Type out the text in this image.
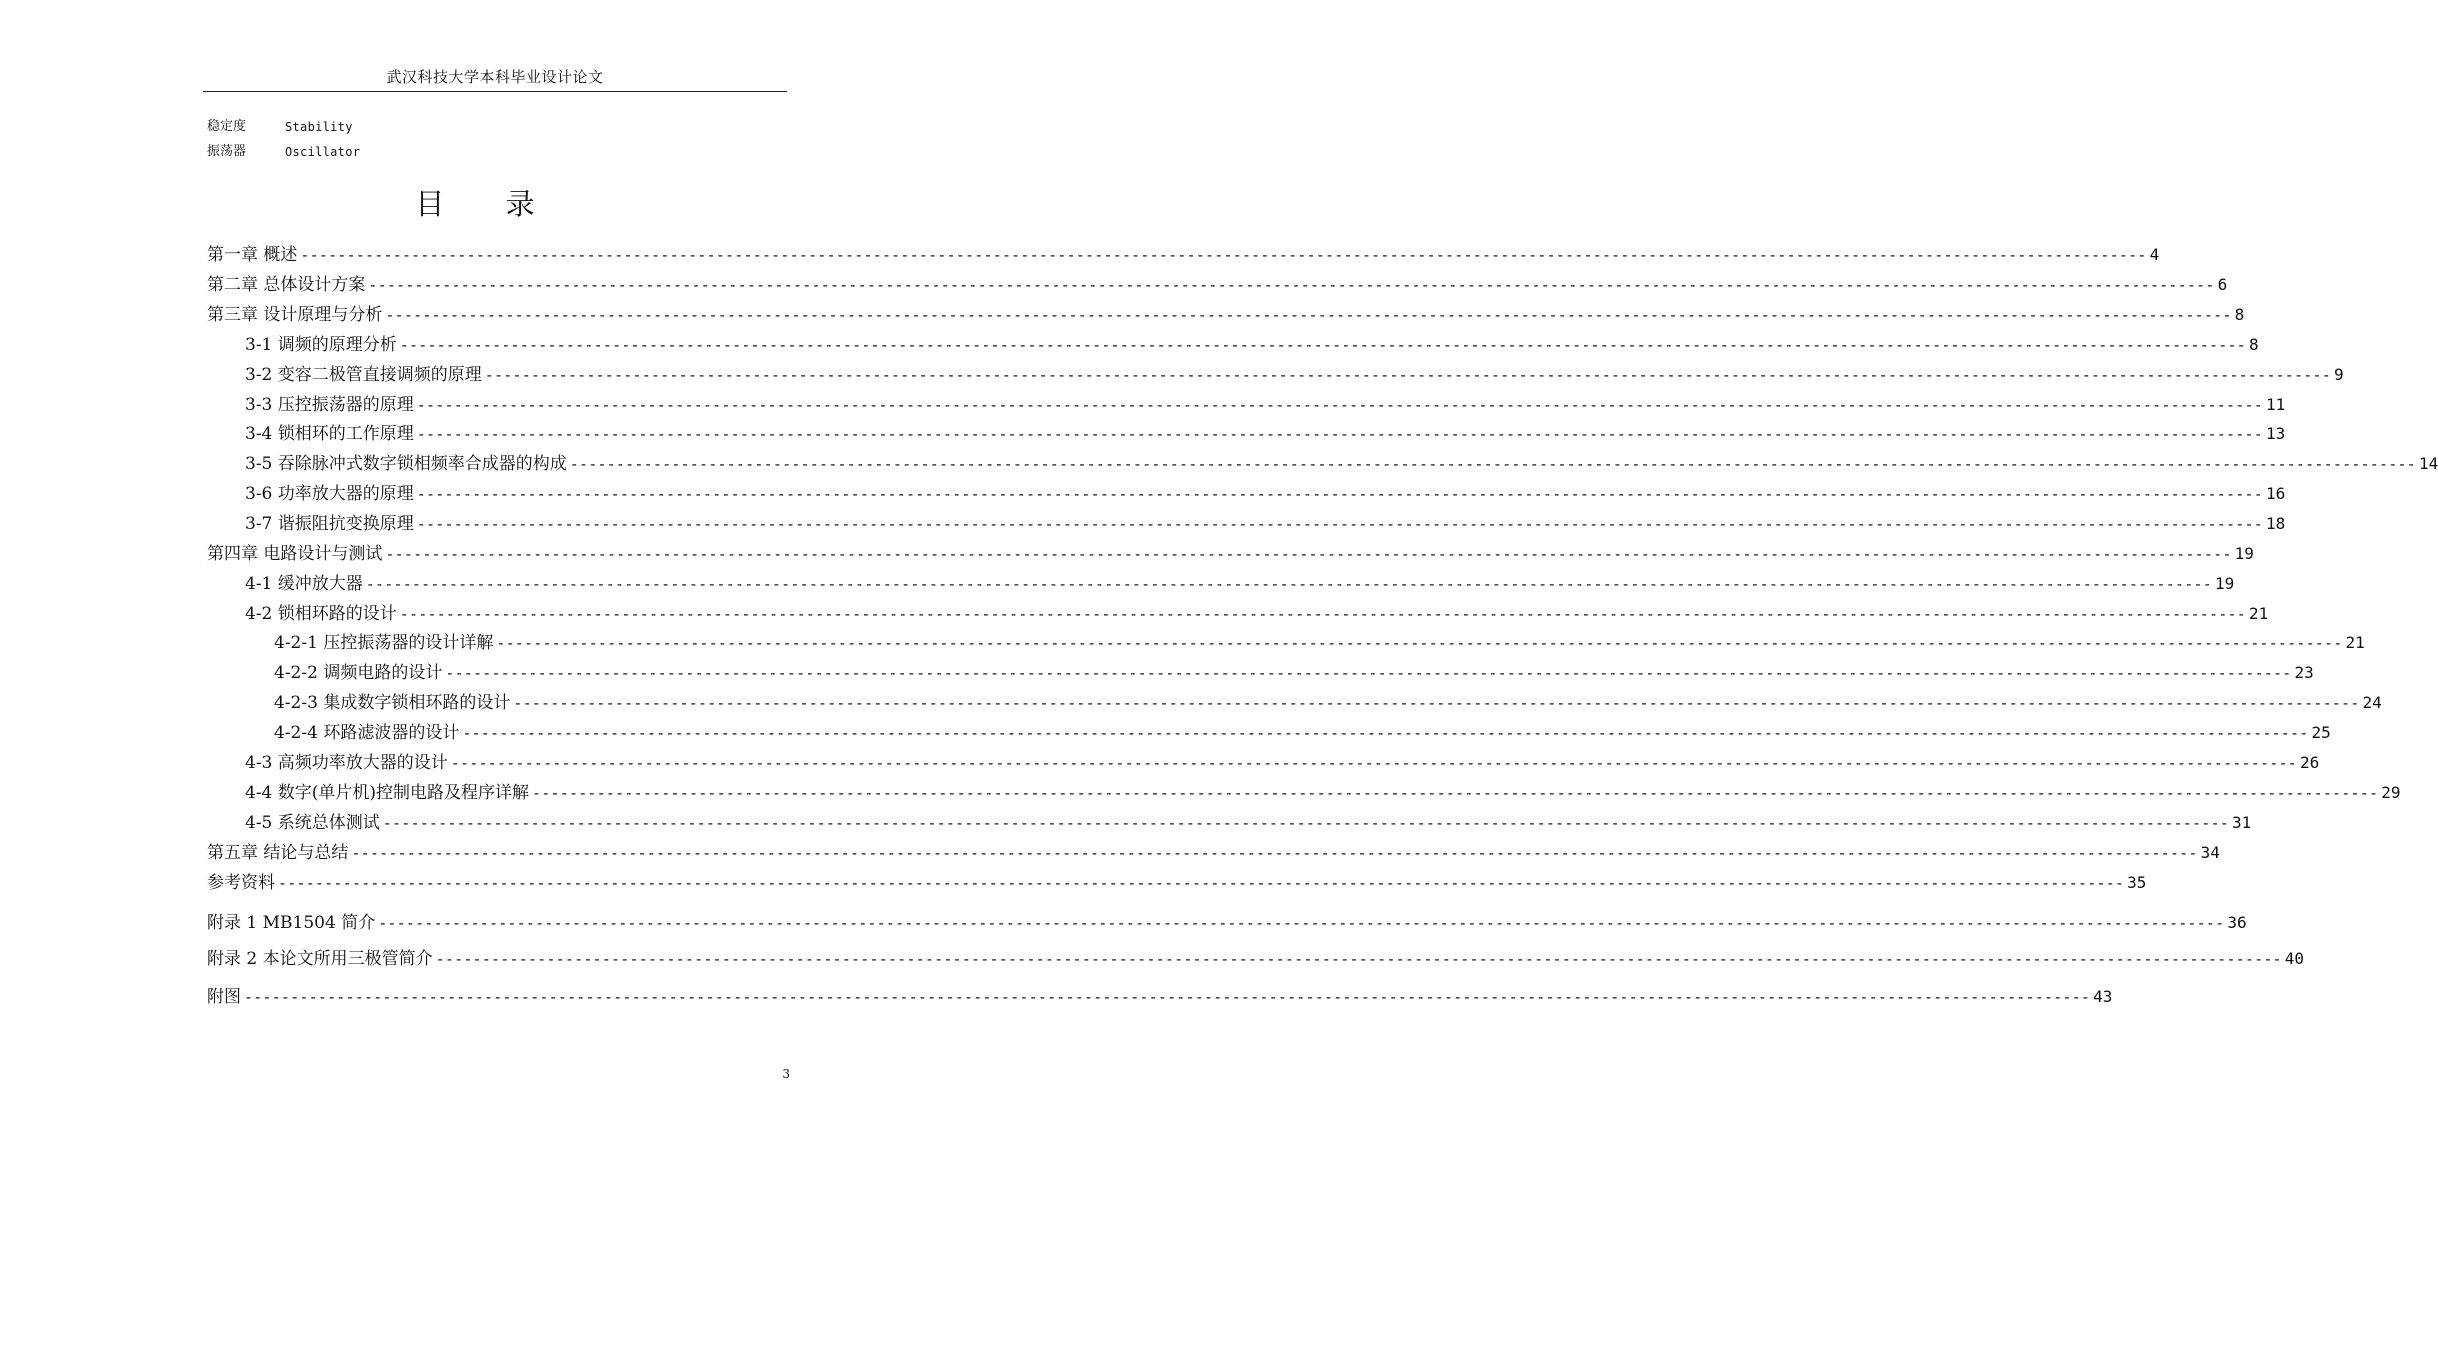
武汉科技大学本科毕业设计论文
稳定度	Stability
振荡器	Oscillator
目 录
第一章 概述 -------------------------------------------------------------------------------------------------------------------------------------------------------------------------------------------------------- 4
第二章 总体设计方案 -------------------------------------------------------------------------------------------------------------------------------------------------------------------------------------------------------- 6
第三章 设计原理与分析 -------------------------------------------------------------------------------------------------------------------------------------------------------------------------------------------------------- 8
3-1 调频的原理分析 -------------------------------------------------------------------------------------------------------------------------------------------------------------------------------------------------------- 8
3-2 变容二极管直接调频的原理 -------------------------------------------------------------------------------------------------------------------------------------------------------------------------------------------------------- 9
3-3 压控振荡器的原理 -------------------------------------------------------------------------------------------------------------------------------------------------------------------------------------------------------- 11
3-4 锁相环的工作原理 -------------------------------------------------------------------------------------------------------------------------------------------------------------------------------------------------------- 13
3-5 吞除脉冲式数字锁相频率合成器的构成 -------------------------------------------------------------------------------------------------------------------------------------------------------------------------------------------------------- 14
3-6 功率放大器的原理 -------------------------------------------------------------------------------------------------------------------------------------------------------------------------------------------------------- 16
3-7 谐振阻抗变换原理 -------------------------------------------------------------------------------------------------------------------------------------------------------------------------------------------------------- 18
第四章 电路设计与测试 -------------------------------------------------------------------------------------------------------------------------------------------------------------------------------------------------------- 19
4-1 缓冲放大器 -------------------------------------------------------------------------------------------------------------------------------------------------------------------------------------------------------- 19
4-2 锁相环路的设计 -------------------------------------------------------------------------------------------------------------------------------------------------------------------------------------------------------- 21
4-2-1 压控振荡器的设计详解 -------------------------------------------------------------------------------------------------------------------------------------------------------------------------------------------------------- 21
4-2-2 调频电路的设计 -------------------------------------------------------------------------------------------------------------------------------------------------------------------------------------------------------- 23
4-2-3 集成数字锁相环路的设计 -------------------------------------------------------------------------------------------------------------------------------------------------------------------------------------------------------- 24
4-2-4 环路滤波器的设计 -------------------------------------------------------------------------------------------------------------------------------------------------------------------------------------------------------- 25
4-3 高频功率放大器的设计 -------------------------------------------------------------------------------------------------------------------------------------------------------------------------------------------------------- 26
4-4 数字(单片机)控制电路及程序详解 -------------------------------------------------------------------------------------------------------------------------------------------------------------------------------------------------------- 29
4-5 系统总体测试 -------------------------------------------------------------------------------------------------------------------------------------------------------------------------------------------------------- 31
第五章 结论与总结 -------------------------------------------------------------------------------------------------------------------------------------------------------------------------------------------------------- 34
参考资料 -------------------------------------------------------------------------------------------------------------------------------------------------------------------------------------------------------- 35
附录 1 MB1504 简介 -------------------------------------------------------------------------------------------------------------------------------------------------------------------------------------------------------- 36
附录 2 本论文所用三极管简介 -------------------------------------------------------------------------------------------------------------------------------------------------------------------------------------------------------- 40
附图 -------------------------------------------------------------------------------------------------------------------------------------------------------------------------------------------------------- 43
3
